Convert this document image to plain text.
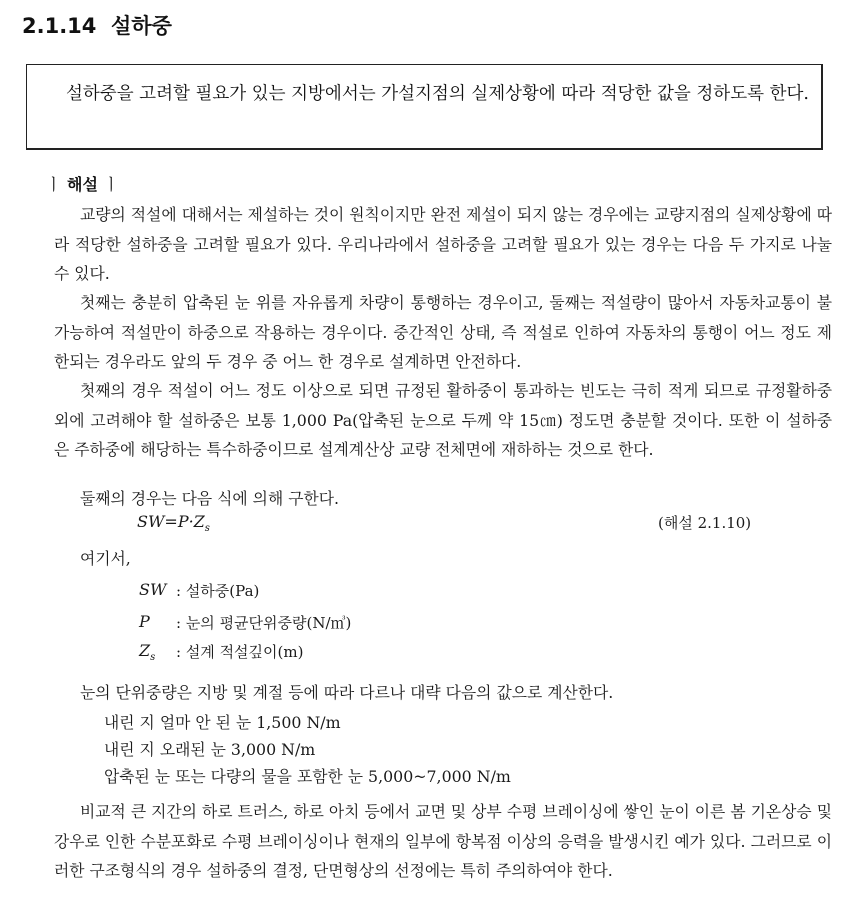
2.1.14 설하중
설하중을 고려할 필요가 있는 지방에서는 가설지점의 실제상황에 따라 적당한 값을 정하도록 한다.
ㅣ 해설 ㅣ
교량의 적설에 대해서는 제설하는 것이 원칙이지만 완전 제설이 되지 않는 경우에는 교량지점의 실제상황에 따라 적당한 설하중을 고려할 필요가 있다. 우리나라에서 설하중을 고려할 필요가 있는 경우는 다음 두 가지로 나눌 수 있다.
첫째는 충분히 압축된 눈 위를 자유롭게 차량이 통행하는 경우이고, 둘째는 적설량이 많아서 자동차교통이 불가능하여 적설만이 하중으로 작용하는 경우이다. 중간적인 상태, 즉 적설로 인하여 자동차의 통행이 어느 정도 제한되는 경우라도 앞의 두 경우 중 어느 한 경우로 설계하면 안전하다.
첫째의 경우 적설이 어느 정도 이상으로 되면 규정된 활하중이 통과하는 빈도는 극히 적게 되므로 규정활하중 외에 고려해야 할 설하중은 보통 1,000 Pa(압축된 눈으로 두께 약 15㎝) 정도면 충분할 것이다. 또한 이 설하중은 주하중에 해당하는 특수하중이므로 설계계산상 교량 전체면에 재하하는 것으로 한다.
둘째의 경우는 다음 식에 의해 구한다.
$SW=P\cdot Z_s$	(해설 2.1.10)
여기서,
SW : 설하중(Pa)
P : 눈의 평균단위중량(N/㎥)
$Z_s$ : 설계 적설깊이(m)
눈의 단위중량은 지방 및 계절 등에 따라 다르나 대략 다음의 값으로 계산한다.
내린 지 얼마 안 된 눈 1,500 N/m
내린 지 오래된 눈 3,000 N/m
압축된 눈 또는 다량의 물을 포함한 눈 5,000~7,000 N/m
비교적 큰 지간의 하로 트러스, 하로 아치 등에서 교면 및 상부 수평 브레이싱에 쌓인 눈이 이른 봄 기온상승 및 강우로 인한 수분포화로 수평 브레이싱이나 현재의 일부에 항복점 이상의 응력을 발생시킨 예가 있다. 그러므로 이러한 구조형식의 경우 설하중의 결정, 단면형상의 선정에는 특히 주의하여야 한다.
